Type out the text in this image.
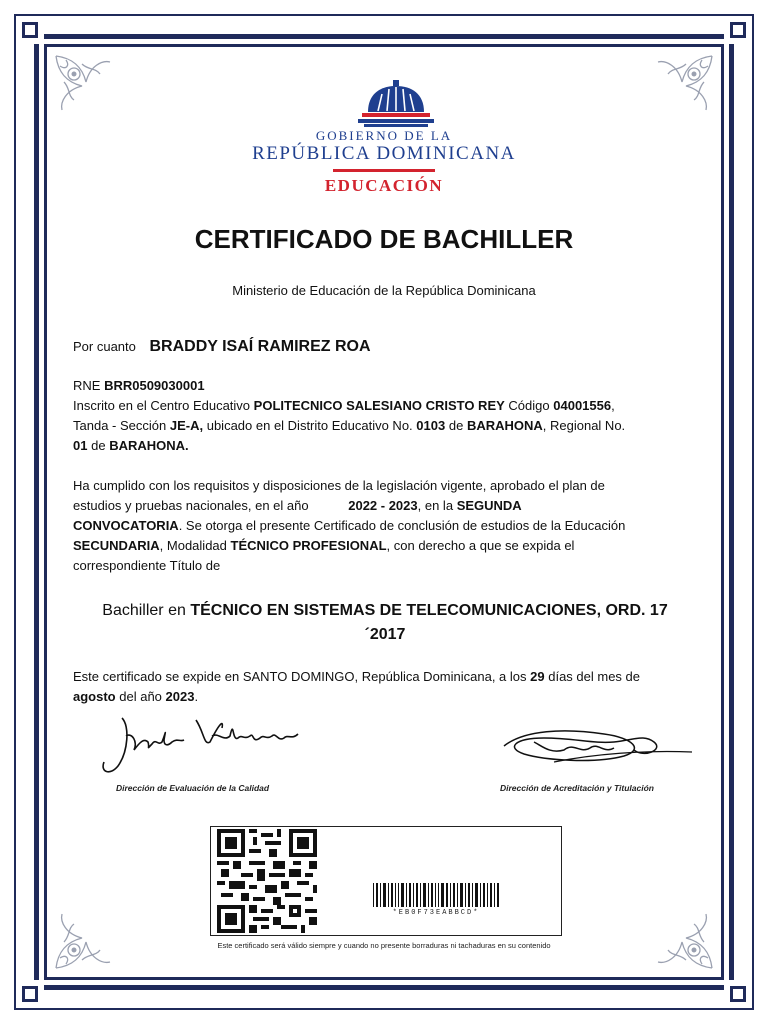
GOBIERNO DE LA
REPÚBLICA DOMINICANA
EDUCACIÓN
CERTIFICADO DE BACHILLER
Ministerio de Educación de la República Dominicana
Por cuanto BRADDY ISAÍ RAMIREZ ROA
RNE BRR0509030001
Inscrito en el Centro Educativo POLITECNICO SALESIANO CRISTO REY Código 04001556,
Tanda - Sección JE-A, ubicado en el Distrito Educativo No. 0103 de BARAHONA, Regional No.
01 de BARAHONA.
Ha cumplido con los requisitos y disposiciones de la legislación vigente, aprobado el plan de
estudios y pruebas nacionales, en el año	2022 - 2023, en la SEGUNDA
CONVOCATORIA. Se otorga el presente Certificado de conclusión de estudios de la Educación
SECUNDARIA, Modalidad TÉCNICO PROFESIONAL, con derecho a que se expida el
correspondiente Título de
Bachiller en TÉCNICO EN SISTEMAS DE TELECOMUNICACIONES, ORD. 17
´2017
Este certificado se expide en SANTO DOMINGO, República Dominicana, a los 29 días del mes de
agosto del año 2023.
Dirección de Evaluación de la Calidad	Dirección de Acreditación y Titulación
*EB0F73EABBCD*
Este certificado será válido siempre y cuando no presente borraduras ni tachaduras en su contenido
